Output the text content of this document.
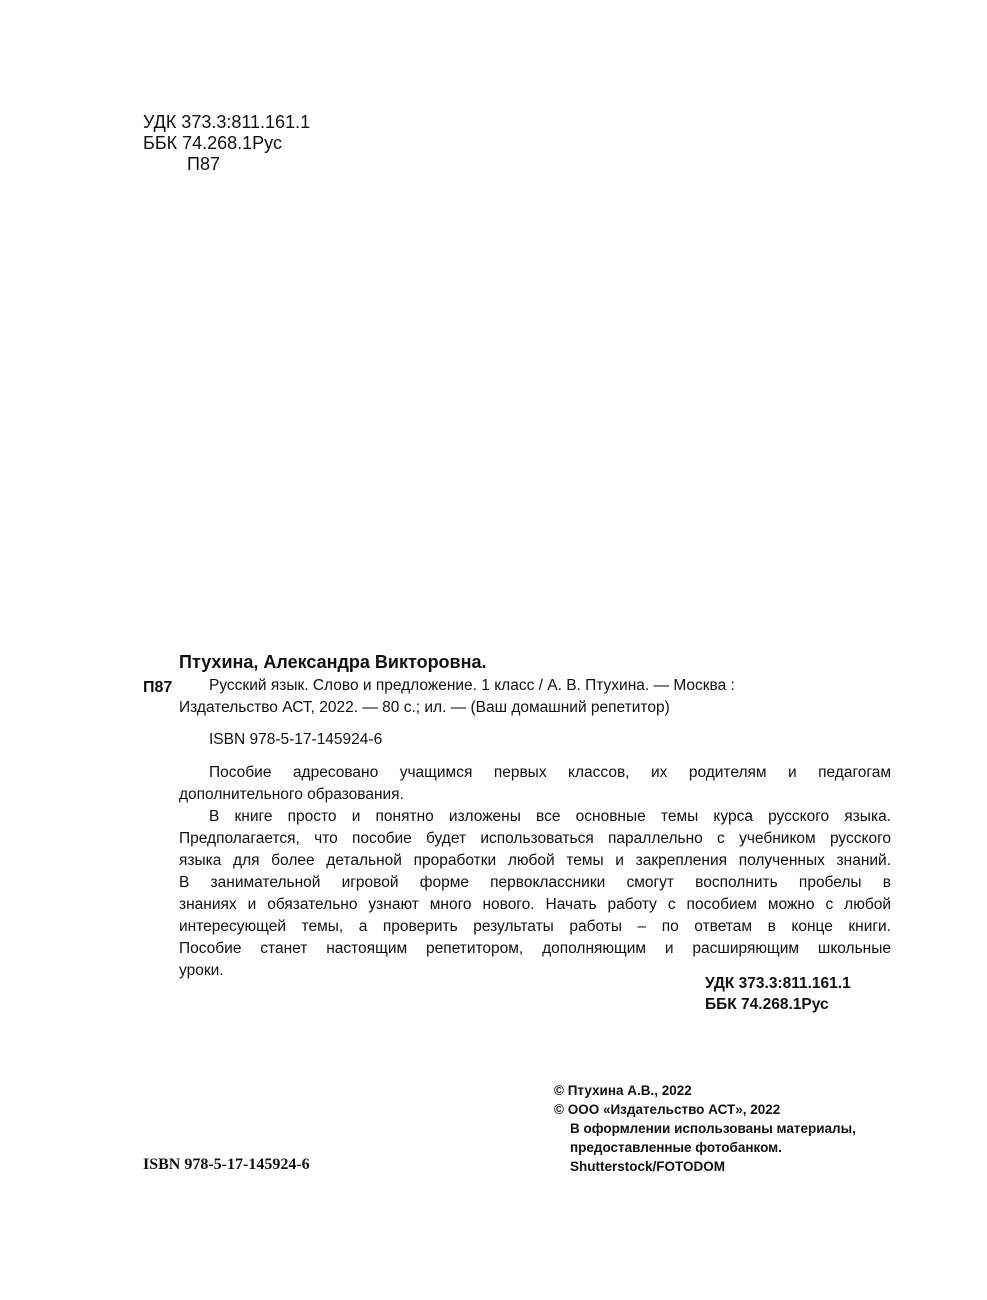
УДК 373.3:811.161.1
ББК 74.268.1Рус
П87
Птухина, Александра Викторовна.
П87 Русский язык. Слово и предложение. 1 класс / А. В. Птухина. — Москва :
Издательство АСТ, 2022. — 80 с.; ил. — (Ваш домашний репетитор)
ISBN 978-5-17-145924-6
Пособие адресовано учащимся первых классов, их родителям и педагогам
дополнительного образования.
В книге просто и понятно изложены все основные темы курса русского языка.
Предполагается, что пособие будет использоваться параллельно с учебником русского
языка для более детальной проработки любой темы и закрепления полученных знаний.
В занимательной игровой форме первоклассники смогут восполнить пробелы в
знаниях и обязательно узнают много нового. Начать работу с пособием можно с любой
интересующей темы, а проверить результаты работы – по ответам в конце книги.
Пособие станет настоящим репетитором, дополняющим и расширяющим школьные
уроки.
УДК 373.3:811.161.1
ББК 74.268.1Рус
© Птухина А.В., 2022
© ООО «Издательство АСТ», 2022
В оформлении использованы материалы,
предоставленные фотобанком.
Shutterstock/FOTODOM
ISBN 978-5-17-145924-6
